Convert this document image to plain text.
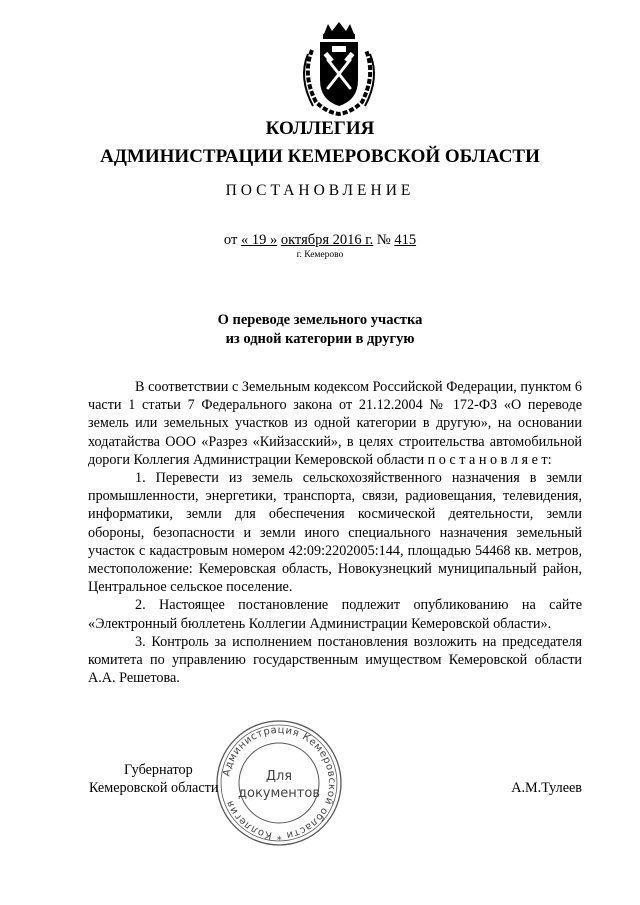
КОЛЛЕГИЯ
АДМИНИСТРАЦИИ КЕМЕРОВСКОЙ ОБЛАСТИ
ПОСТАНОВЛЕНИЕ
от « 19 » октября 2016 г. № 415
г. Кемерово
О переводе земельного участка
из одной категории в другую

В соответствии с Земельным кодексом Российской Федерации, пунктом 6 части 1 статьи 7 Федерального закона от 21.12.2004 № 172-ФЗ «О переводе земель или земельных участков из одной категории в другую», на основании ходатайства ООО «Разрез «Кийзасский», в целях строительства автомобильной дороги Коллегия Администрации Кемеровской области п о с т а н о в л я е т:

1. Перевести из земель сельскохозяйственного назначения в земли промышленности, энергетики, транспорта, связи, радиовещания, телевидения, информатики, земли для обеспечения космической деятельности, земли обороны, безопасности и земли иного специального назначения земельный участок с кадастровым номером 42:09:2202005:144, площадью 54468 кв. метров, местоположение: Кемеровская область, Новокузнецкий муниципальный район, Центральное сельское поселение.

2. Настоящее постановление подлежит опубликованию на сайте «Электронный бюллетень Коллегии Администрации Кемеровской области».

3. Контроль за исполнением постановления возложить на председателя комитета по управлению государственным имуществом Кемеровской области А.А. Решетова.

Администрация Кемеровской области * Коллегия
Для
документов
Губернатор
Кемеровской области	А.М.Тулеев
